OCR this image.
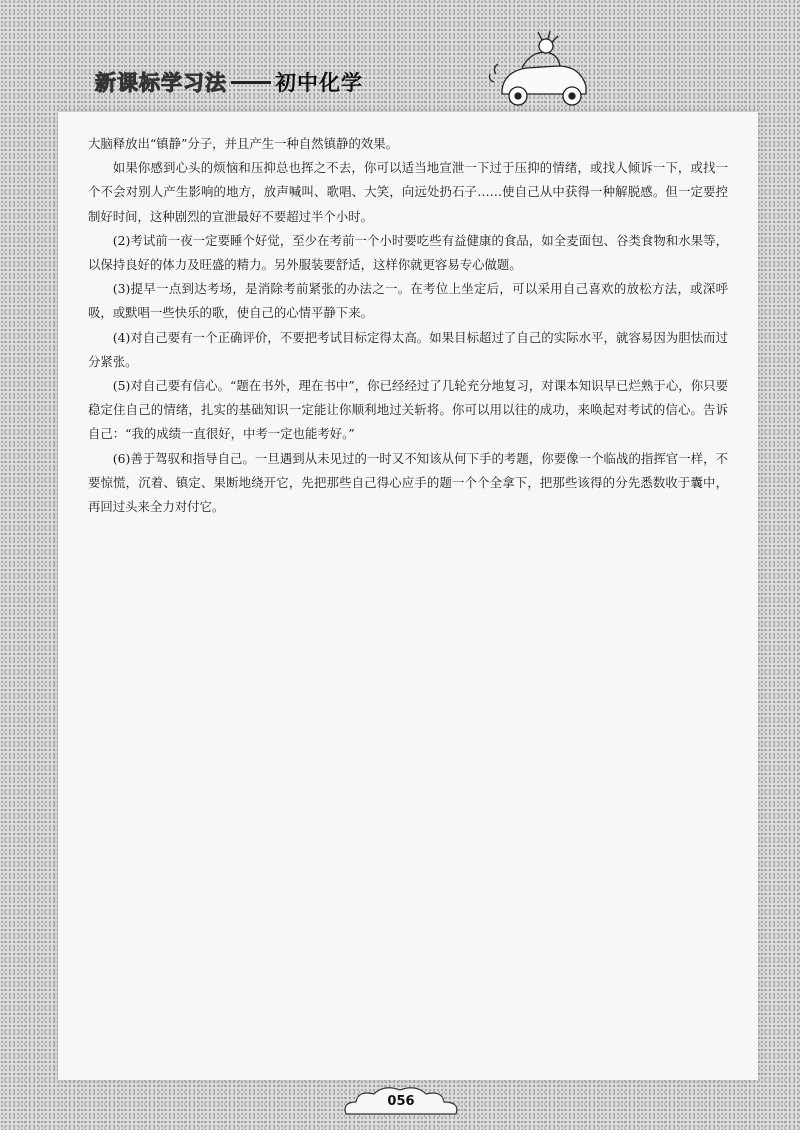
新课标学习法 初中化学

大脑释放出“镇静”分子，并且产生一种自然镇静的效果。

如果你感到心头的烦恼和压抑总也挥之不去，你可以适当地宣泄一下过于压抑的情绪，或找人倾诉一下，或找一个不会对别人产生影响的地方，放声喊叫、歌唱、大笑，向远处扔石子……使自己从中获得一种解脱感。但一定要控制好时间，这种剧烈的宣泄最好不要超过半个小时。

(2)考试前一夜一定要睡个好觉，至少在考前一个小时要吃些有益健康的食品，如全麦面包、谷类食物和水果等，以保持良好的体力及旺盛的精力。另外服装要舒适，这样你就更容易专心做题。

(3)提早一点到达考场，是消除考前紧张的办法之一。在考位上坐定后，可以采用自己喜欢的放松方法，或深呼吸，或默唱一些快乐的歌，使自己的心情平静下来。

(4)对自己要有一个正确评价，不要把考试目标定得太高。如果目标超过了自己的实际水平，就容易因为胆怯而过分紧张。

(5)对自己要有信心。“题在书外，理在书中”，你已经经过了几轮充分地复习，对课本知识早已烂熟于心，你只要稳定住自己的情绪，扎实的基础知识一定能让你顺利地过关斩将。你可以用以往的成功，来唤起对考试的信心。告诉自己：“我的成绩一直很好，中考一定也能考好。”

(6)善于驾驭和指导自己。一旦遇到从未见过的一时又不知该从何下手的考题，你要像一个临战的指挥官一样，不要惊慌，沉着、镇定、果断地绕开它，先把那些自己得心应手的题一个个全拿下，把那些该得的分先悉数收于囊中，再回过头来全力对付它。

056
